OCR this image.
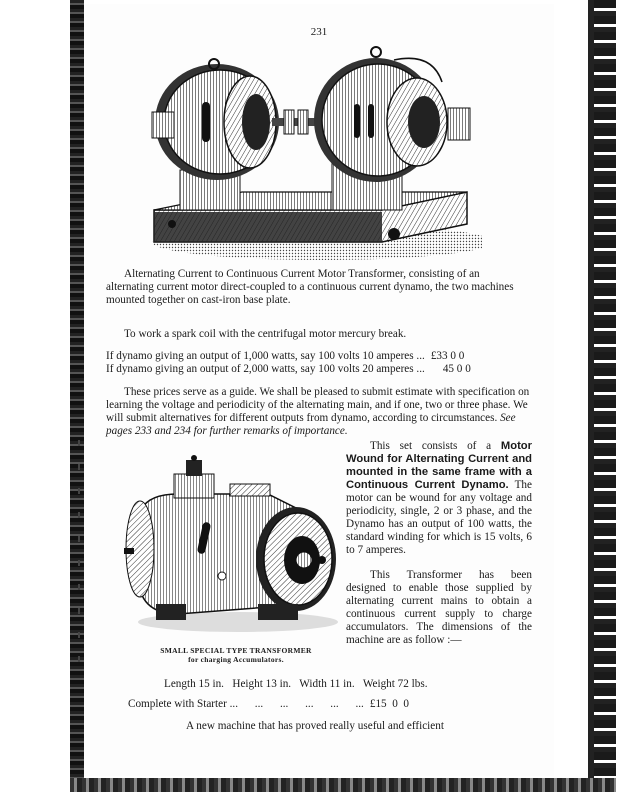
231

Alternating Current to Continuous Current Motor Transformer, consisting of an alternating current motor direct-coupled to a continuous current dynamo, the two machines mounted together on cast-iron base plate.

To work a spark coil with the centrifugal motor mercury break.

If dynamo giving an output of 1,000 watts, say 100 volts 10 amperes ... £33 0 0
If dynamo giving an output of 2,000 watts, say 100 volts 20 amperes ... 45 0 0

These prices serve as a guide. We shall be pleased to submit estimate with specification on learning the voltage and periodicity of the alternating main, and if one, two or three phase. We will submit alternatives for different outputs from dynamo, according to circumstances. See pages 233 and 234 for further remarks of importance.

SMALL SPECIAL TYPE TRANSFORMER
for charging Accumulators.

This set consists of a Motor Wound for Alternating Current and mounted in the same frame with a Continuous Current Dynamo. The motor can be wound for any voltage and periodicity, single, 2 or 3 phase, and the Dynamo has an output of 100 watts, the standard winding for which is 15 volts, 6 to 7 amperes.

This Transformer has been designed to enable those supplied by alternating current mains to obtain a continuous current supply to charge accumulators. The dimensions of the machine are as follow :—

Length 15 in.   Height 13 in.   Width 11 in.   Weight 72 lbs.
Complete with Starter ...      ...      ...      ...      ...      ... £15  0  0
A new machine that has proved really useful and efficient
